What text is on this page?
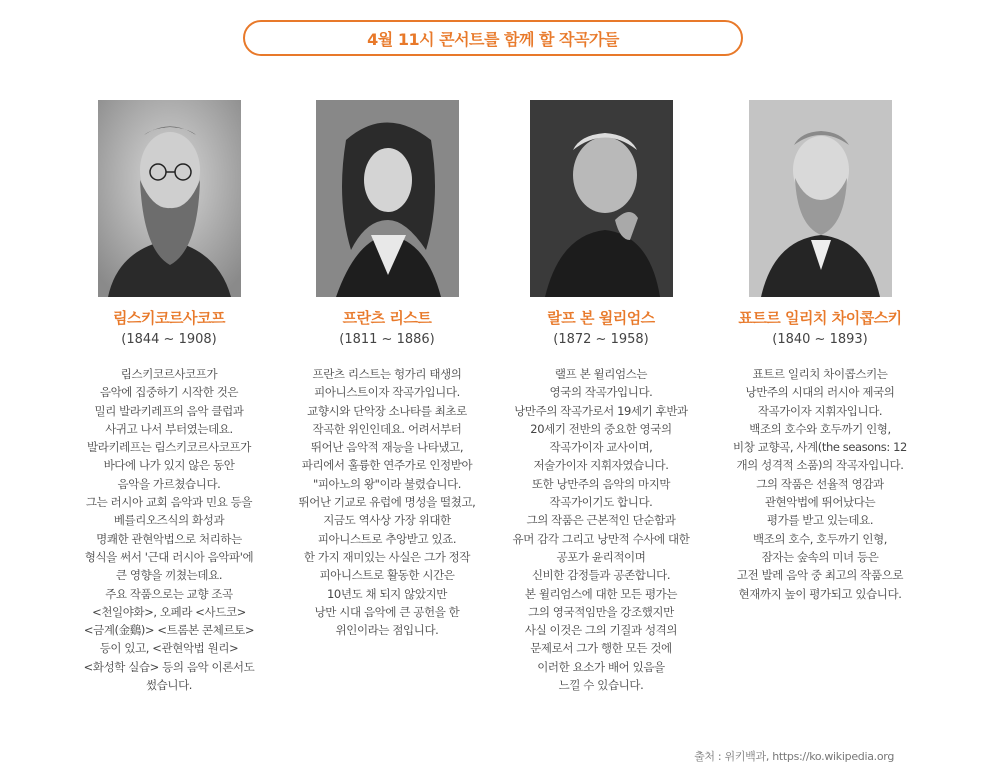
4월 11시 콘서트를 함께 할 작곡가들
림스키코르사코프
(1844 ~ 1908)
림스키코르사코프가
음악에 집중하기 시작한 것은
밀리 발라키레프의 음악 클럽과
사귀고 나서 부터였는데요.
발라키레프는 림스키코르사코프가
바다에 나가 있지 않은 동안
음악을 가르쳤습니다.
그는 러시아 교회 음악과 민요 등을
베를리오즈식의 화성과
명쾌한 관현악법으로 처리하는
형식을 써서 '근대 러시아 음악파'에
큰 영향을 끼쳤는데요.
주요 작품으로는 교향 조곡
<천일야화>, 오페라 <사드코>
<금계(金鷄)> <트롬본 콘체르토>
등이 있고, <관현악법 원리>
<화성학 실습> 등의 음악 이론서도
썼습니다.
프란츠 리스트
(1811 ~ 1886)
프란츠 리스트는 헝가리 태생의
피아니스트이자 작곡가입니다.
교향시와 단악장 소나타를 최초로
작곡한 위인인데요. 어려서부터
뛰어난 음악적 재능을 나타냈고,
파리에서 훌륭한 연주가로 인정받아
"피아노의 왕"이라 불렸습니다.
뛰어난 기교로 유럽에 명성을 떨쳤고,
지금도 역사상 가장 위대한
피아니스트로 추앙받고 있죠.
한 가지 재미있는 사실은 그가 정작
피아니스트로 활동한 시간은
10년도 채 되지 않았지만
낭만 시대 음악에 큰 공헌을 한
위인이라는 점입니다.
랄프 본 윌리엄스
(1872 ~ 1958)
랠프 본 윌리엄스는
영국의 작곡가입니다.
낭만주의 작곡가로서 19세기 후반과
20세기 전반의 중요한 영국의
작곡가이자 교사이며,
저술가이자 지휘자였습니다.
또한 낭만주의 음악의 마지막
작곡가이기도 합니다.
그의 작품은 근본적인 단순함과
유머 감각 그리고 낭만적 수사에 대한
공포가 윤리적이며
신비한 감정들과 공존합니다.
본 윌리엄스에 대한 모든 평가는
그의 영국적임만을 강조했지만
사실 이것은 그의 기질과 성격의
문제로서 그가 행한 모든 것에
이러한 요소가 배어 있음을
느낄 수 있습니다.
표트르 일리치 차이콥스키
(1840 ~ 1893)
표트르 일리치 차이콥스키는
낭만주의 시대의 러시아 제국의
작곡가이자 지휘자입니다.
백조의 호수와 호두까기 인형,
비창 교향곡, 사계(the seasons: 12
개의 성격적 소품)의 작곡자입니다.
그의 작품은 선율적 영감과
관현악법에 뛰어났다는
평가를 받고 있는데요.
백조의 호수, 호두까기 인형,
잠자는 숲속의 미녀 등은
고전 발레 음악 중 최고의 작품으로
현재까지 높이 평가되고 있습니다.
출처 : 위키백과, https://ko.wikipedia.org
